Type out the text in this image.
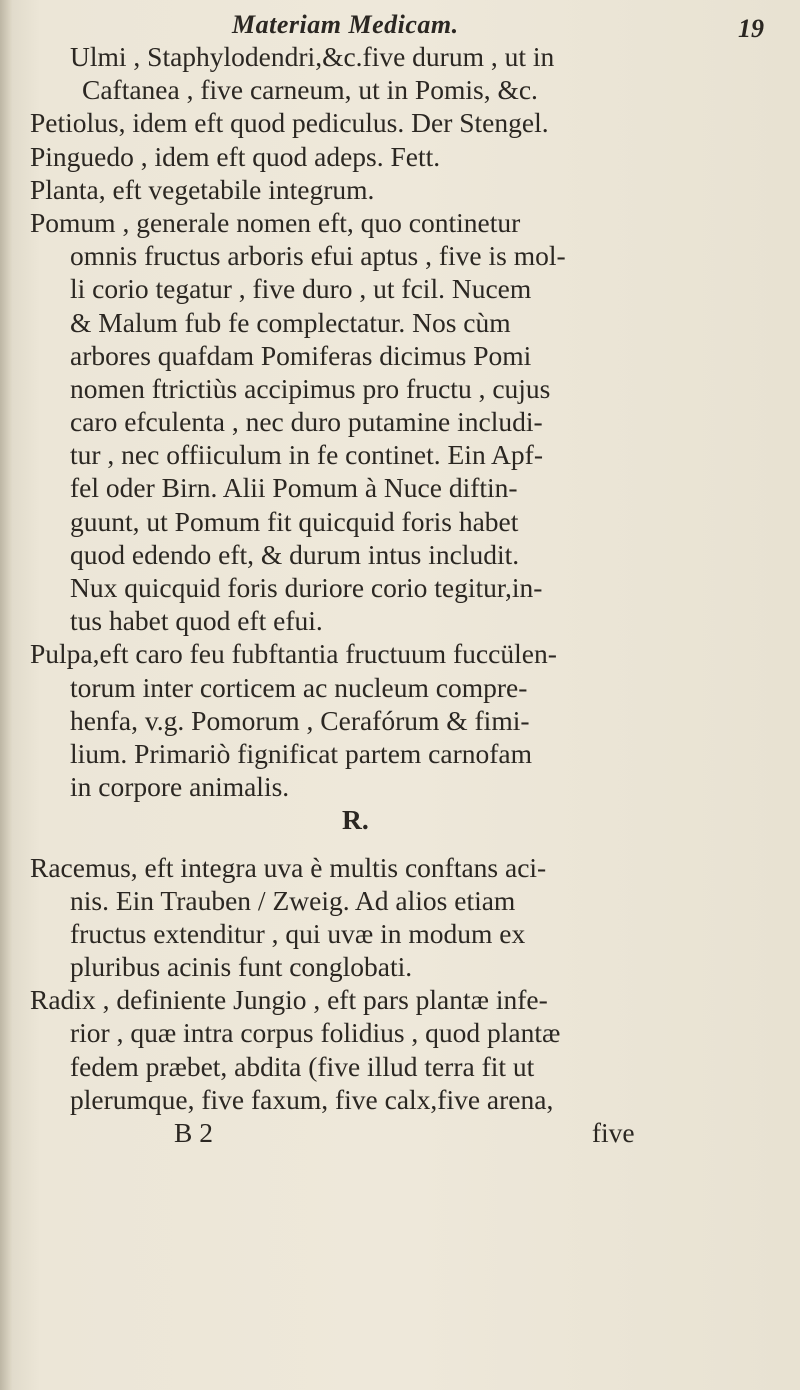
Materiam Medicam.	19
Ulmi , Staphylodendri,&c.five durum , ut in
Caftanea , five carneum, ut in Pomis, &c.
Petiolus, idem eft quod pediculus. Der Stengel.
Pinguedo , idem eft quod adeps. Fett.
Planta, eft vegetabile integrum.
Pomum , generale nomen eft, quo continetur
omnis fructus arboris efui aptus , five is mol-
li corio tegatur , five duro , ut fcil. Nucem
& Malum fub fe complectatur. Nos cùm
arbores quafdam Pomiferas dicimus Pomi
nomen ftrictiùs accipimus pro fructu , cujus
caro efculenta , nec duro putamine includi-
tur , nec offiiculum in fe continet. Ein Apf-
fel oder Birn. Alii Pomum à Nuce diftin-
guunt, ut Pomum fit quicquid foris habet
quod edendo eft, & durum intus includit.
Nux quicquid foris duriore corio tegitur,in-
tus habet quod eft efui.
Pulpa,eft caro feu fubftantia fructuum fuccülen-
torum inter corticem ac nucleum compre-
henfa, v.g. Pomorum , Cerafórum & fimi-
lium. Primariò fignificat partem carnofam
in corpore animalis.
R.
Racemus, eft integra uva è multis conftans aci-
nis. Ein Trauben / Zweig. Ad alios etiam
fructus extenditur , qui uvæ in modum ex
pluribus acinis funt conglobati.
Radix , definiente Jungio , eft pars plantæ infe-
rior , quæ intra corpus folidius , quod plantæ
fedem præbet, abdita (five illud terra fit ut
plerumque, five faxum, five calx,five arena,
B 2	five
